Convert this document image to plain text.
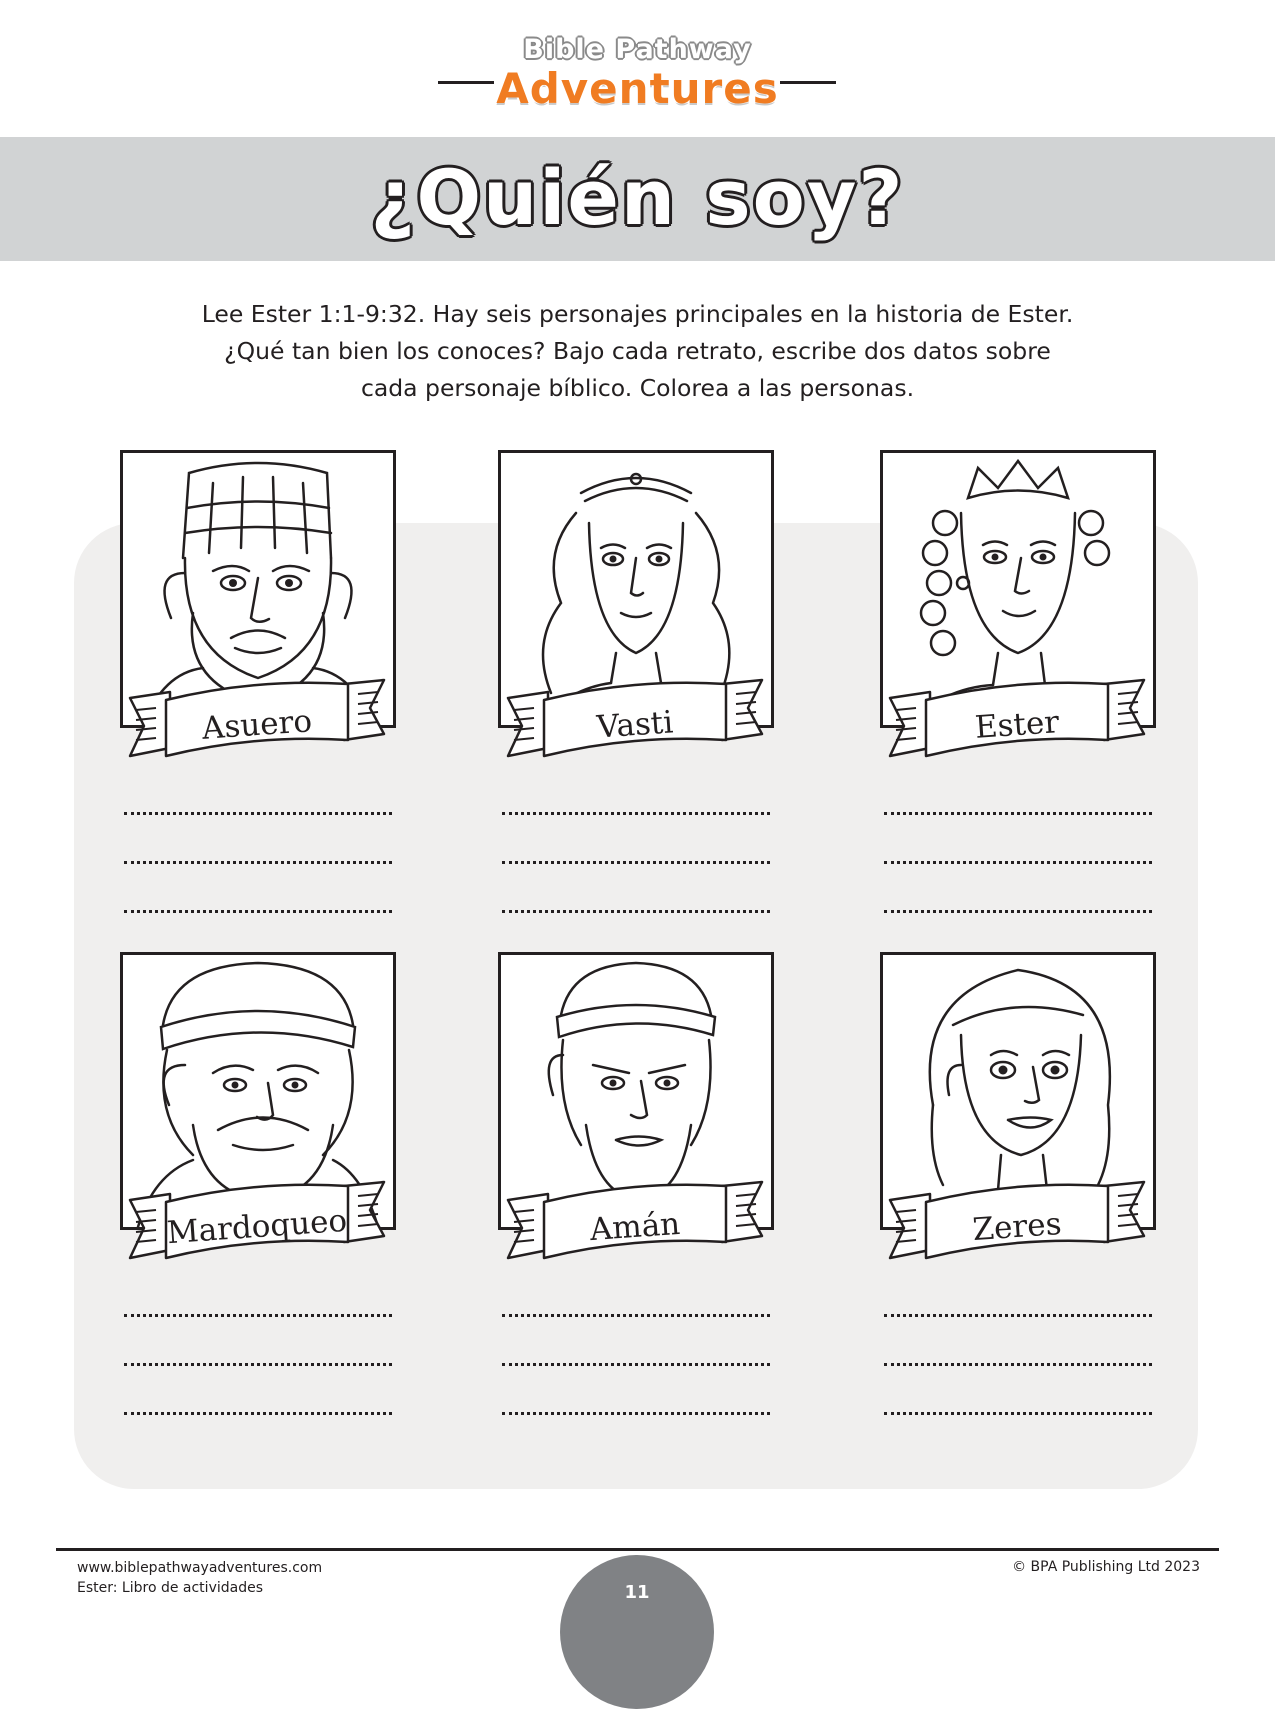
Bible Pathway
Adventures
¿Quién soy?
Lee Ester 1:1-9:32. Hay seis personajes principales en la historia de Ester.
¿Qué tan bien los conoces? Bajo cada retrato, escribe dos datos sobre
cada personaje bíblico. Colorea a las personas.
Asuero	Vasti	Ester
Mardoqueo	Amán	Zeres
www.biblepathwayadventures.com
Ester: Libro de actividades
© BPA Publishing Ltd 2023
11
